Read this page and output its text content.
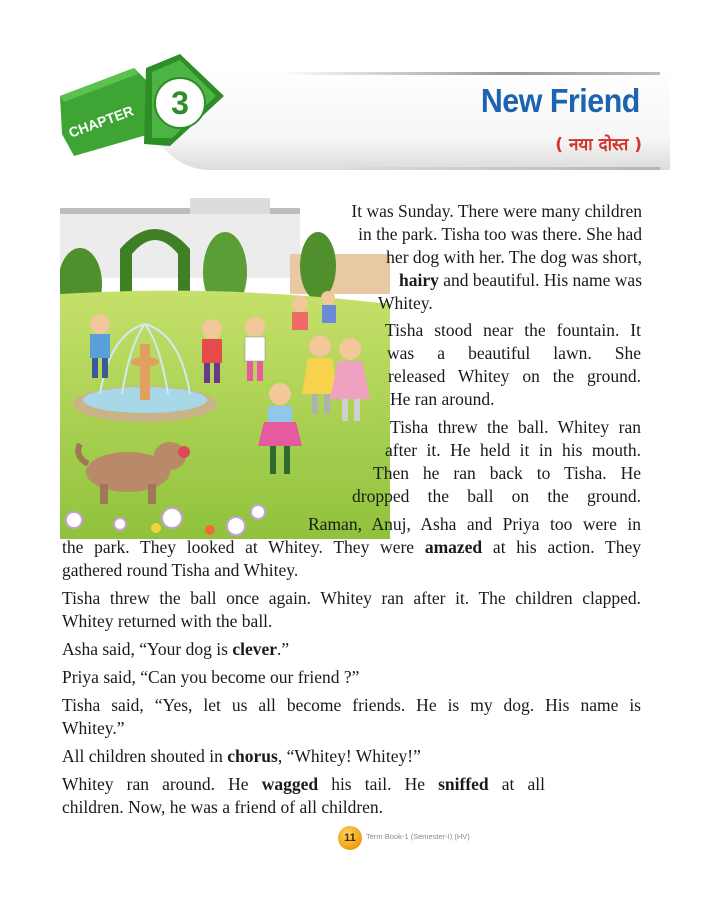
CHAPTER 3	New Friend
( नया दोस्त )

It was Sunday. There were many children

in the park. Tisha too was there. She had

her dog with her. The dog was short,

hairy and beautiful. His name was

Whitey.

Tisha stood near the fountain. It

was a beautiful lawn. She

released Whitey on the ground.

He ran around.

Tisha threw the ball. Whitey ran

after it. He held it in his mouth.

Then he ran back to Tisha. He

dropped the ball on the ground.

Raman, Anuj, Asha and Priya too were in

the park. They looked at Whitey. They were amazed at his action. They

gathered round Tisha and Whitey.

Tisha threw the ball once again. Whitey ran after it. The children clapped.

Whitey returned with the ball.

Asha said, “Your dog is clever.”

Priya said, “Can you become our friend ?”

Tisha said, “Yes, let us all become friends. He is my dog. His name is

Whitey.”

All children shouted in chorus, “Whitey! Whitey!”

Whitey ran around. He wagged his tail. He sniffed at all

children. Now, he was a friend of all children.

11	Term Book-1 (Semester-I) (HV)
